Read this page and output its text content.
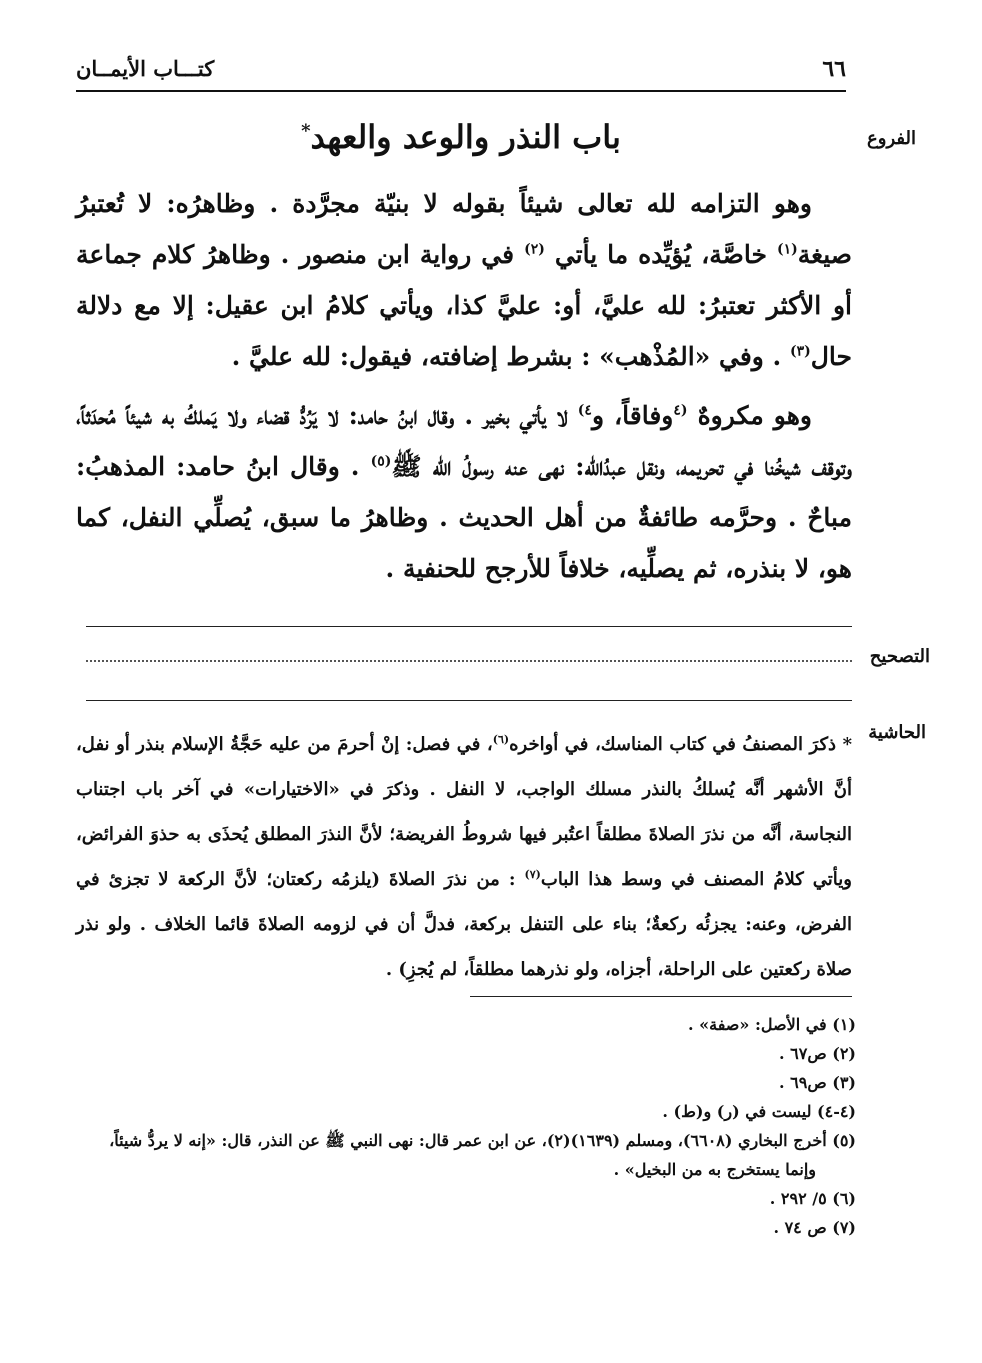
٦٦
كتـــاب الأيمــان
الفروع
التصحيح
الحاشية
باب النذر والوعد والعهد*

وهو التزامه لله تعالى شيئاً بقوله لا بنيّة مجرَّدة . وظاهرُه: لا تُعتبرُ صيغة$^{(١)}$ خاصَّة، يُؤيِّده ما يأتي $^{(٢)}$ في رواية ابن منصور . وظاهرُ كلام جماعة أو الأكثر تعتبرُ: لله عليَّ، أو: عليَّ كذا، ويأتي كلامُ ابن عقيل: إلا مع دلالة حال$^{(٣)}$ . وفي «المُذْهب» : بشرط إضافته، فيقول: لله عليَّ .

وهو مكروهٌ $^{(٤}$وفاقاً، و$^{٤)}$ لا يأتي بخير . وقال ابنُ حامد: لا يَرُدُّ قضاء ولا يَملكُ به شيئاً مُحدَثاً، وتوقف شيخُنا في تحريمه، ونقل عبدُالله: نهى عنه رسولُ الله ﷺ$^{(٥)}$ . وقال ابنُ حامد: المذهبُ: مباحٌ . وحرَّمه طائفةٌ من أهل الحديث . وظاهرُ ما سبق، يُصلِّي النفل، كما هو، لا بنذره، ثم يصلِّيه، خلافاً للأرجح للحنفية .

* ذكرَ المصنفُ في كتاب المناسك، في أواخره$^{(٦)}$، في فصل: إنْ أحرمَ من عليه حَجَّةُ الإسلام بنذر أو نفل، أنَّ الأشهر أنَّه يُسلكُ بالنذر مسلك الواجب، لا النفل . وذكرَ في «الاختيارات» في آخر باب اجتناب النجاسة، أنَّه من نذرَ الصلاةَ مطلقاً اعتُبر فيها شروطُ الفريضة؛ لأنَّ النذرَ المطلق يُحذَى به حذوَ الفرائض، ويأتي كلامُ المصنف في وسط هذا الباب$^{(٧)}$ : من نذرَ الصلاةَ (يلزمُه ركعتان؛ لأنَّ الركعة لا تجزئ في الفرض، وعنه: يجزئُه ركعةٌ؛ بناء على التنفل بركعة، فدلَّ أن في لزومه الصلاةَ قائما الخلاف . ولو نذر صلاة ركعتين على الراحلة، أجزاه، ولو نذرهما مطلقاً، لم يُجزِ) .

(١) في الأصل: «صفة» .

(٢) ص٦٧ .

(٣) ص٦٩ .

(٤-٤) ليست في (ر) و(ط) .

(٥) أخرج البخاري (٦٦٠٨)، ومسلم (١٦٣٩)(٢)، عن ابن عمر قال: نهى النبي ﷺ عن النذر، قال: «إنه لا يردُّ شيئاً،

وإنما يستخرج به من البخيل» .

(٦) ٥/ ٢٩٢ .

(٧) ص ٧٤ .
